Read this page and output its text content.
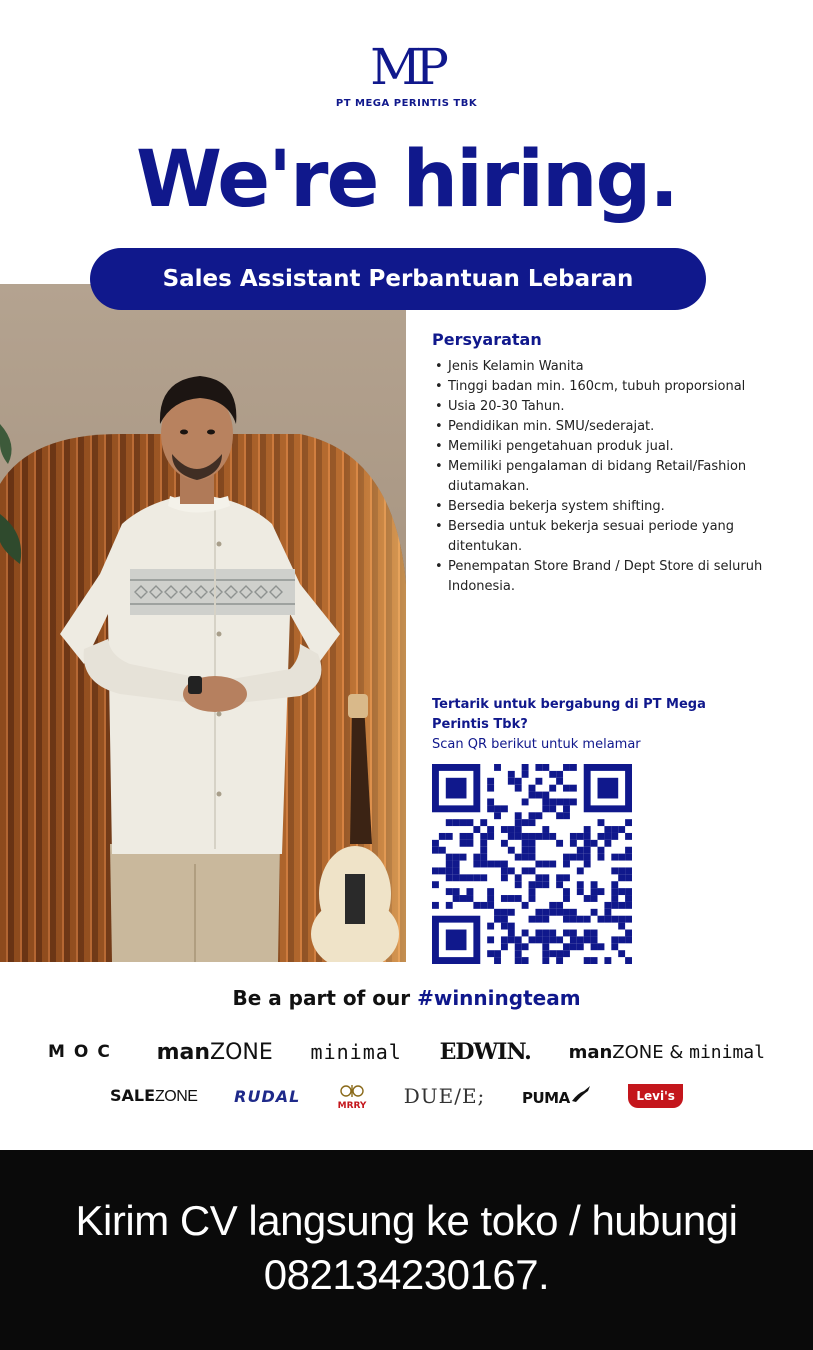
MP
PT MEGA PERINTIS TBK
We're hiring.
Sales Assistant Perbantuan Lebaran
Persyaratan
• Jenis Kelamin Wanita
• Tinggi badan min. 160cm, tubuh proporsional
• Usia 20-30 Tahun.
• Pendidikan min. SMU/sederajat.
• Memiliki pengetahuan produk jual.
• Memiliki pengalaman di bidang Retail/Fashion diutamakan.
• Bersedia bekerja system shifting.
• Bersedia untuk bekerja sesuai periode yang ditentukan.
• Penempatan Store Brand / Dept Store di seluruh Indonesia.
Tertarik untuk bergabung di PT Mega Perintis Tbk?
Scan QR berikut untuk melamar
Be a part of our #winningteam
MOC manZONE minimal EDWIN. manZONE & minimal
SALEZONE RUDAL
MRRY DUE/E; PUMA	Levi's
Kirim CV langsung ke toko / hubungi
082134230167.
